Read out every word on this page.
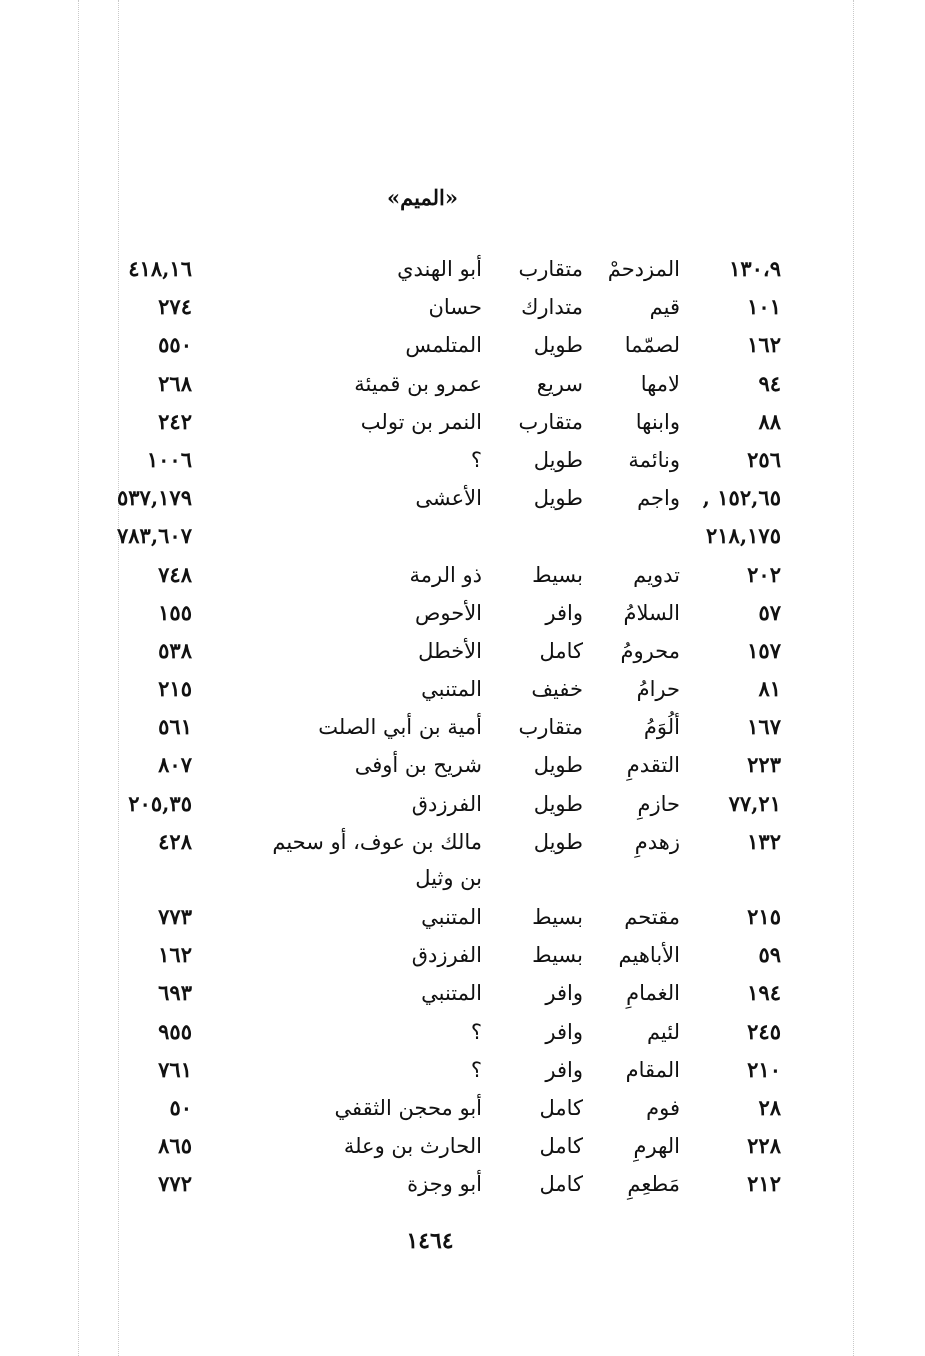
«الميم»
١٣٠،٩
المزدحمْ
متقارب
أبو الهندي
٤١٨,١٦
١٠١
قيم
متدارك
حسان
٢٧٤
١٦٢
لصمّما
طويل
المتلمس
٥٥٠
٩٤
لامها
سريع
عمرو بن قميئة
٢٦٨
٨٨
وابنها
متقارب
النمر بن تولب
٢٤٢
٢٥٦
ونائمة
طويل
؟
١٠٠٦
١٥٢,٦٥ ,
واجم
طويل
الأعشى
٥٣٧,١٧٩
٢١٨,١٧٥
٧٨٣,٦٠٧
٢٠٢
تدويم
بسيط
ذو الرمة
٧٤٨
٥٧
السلامُ
وافر
الأحوص
١٥٥
١٥٧
محرومُ
كامل
الأخطل
٥٣٨
٨١
حرامُ
خفيف
المتنبي
٢١٥
١٦٧
ألُوَمُ
متقارب
أمية بن أبي الصلت
٥٦١
٢٢٣
التقدمِ
طويل
شريح بن أوفى
٨٠٧
٧٧,٢١
حازمِ
طويل
الفرزدق
٢٠٥,٣٥
١٣٢
زهدمِ
طويل
مالك بن عوف، أو سحيم
٤٢٨
بن وثيل
٢١٥
مقتحم
بسيط
المتنبي
٧٧٣
٥٩
الأباهيم
بسيط
الفرزدق
١٦٢
١٩٤
الغمامِ
وافر
المتنبي
٦٩٣
٢٤٥
لئيم
وافر
؟
٩٥٥
٢١٠
المقام
وافر
؟
٧٦١
٢٨
فوم
كامل
أبو محجن الثقفي
٥٠
٢٢٨
الهرمِ
كامل
الحارث بن وعلة
٨٦٥
٢١٢
مَطعِمِ
كامل
أبو وجزة
٧٧٢
١٤٦٤
